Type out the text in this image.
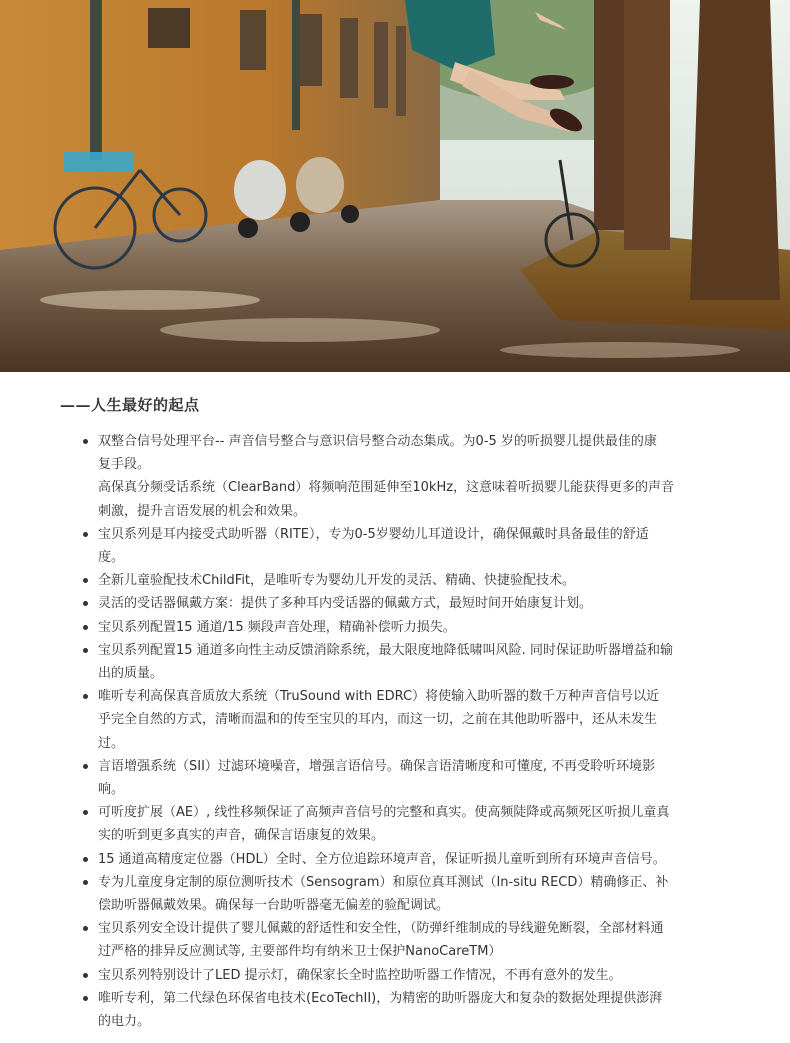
——人生最好的起点
双整合信号处理平台-- 声音信号整合与意识信号整合动态集成。为0-5 岁的听损婴儿提供最佳的康
复手段。
高保真分频受话系统（ClearBand）将频响范围延伸至10kHz，这意味着听损婴儿能获得更多的声音
刺激，提升言语发展的机会和效果。
宝贝系列是耳内接受式助听器（RITE），专为0-5岁婴幼儿耳道设计，确保佩戴时具备最佳的舒适
度。
全新儿童验配技术ChildFit，是唯听专为婴幼儿开发的灵活、精确、快捷验配技术。
灵活的受话器佩戴方案：提供了多种耳内受话器的佩戴方式，最短时间开始康复计划。
宝贝系列配置15 通道/15 频段声音处理，精确补偿听力损失。
宝贝系列配置15 通道多向性主动反馈消除系统，最大限度地降低啸叫风险. 同时保证助听器增益和输
出的质量。
唯听专利高保真音质放大系统（TruSound with EDRC）将使输入助听器的数千万种声音信号以近
乎完全自然的方式，清晰而温和的传至宝贝的耳内，而这一切，之前在其他助听器中，还从未发生
过。
言语增强系统（SII）过滤环境噪音，增强言语信号。确保言语清晰度和可懂度, 不再受聆听环境影
响。
可听度扩展（AE）, 线性移频保证了高频声音信号的完整和真实。使高频陡降或高频死区听损儿童真
实的听到更多真实的声音，确保言语康复的效果。
15 通道高精度定位器（HDL）全时、全方位追踪环境声音，保证听损儿童听到所有环境声音信号。
专为儿童度身定制的原位测听技术（Sensogram）和原位真耳测试（In-situ RECD）精确修正、补
偿助听器佩戴效果。确保每一台助听器毫无偏差的验配调试。
宝贝系列安全设计提供了婴儿佩戴的舒适性和安全性，（防弹纤维制成的导线避免断裂，全部材料通
过严格的排异反应测试等, 主要部件均有纳米卫士保护NanoCareTM）
宝贝系列特别设计了LED 提示灯，确保家长全时监控助听器工作情况，不再有意外的发生。
唯听专利，第二代绿色环保省电技术(EcoTechII)，为精密的助听器庞大和复杂的数据处理提供澎湃
的电力。
